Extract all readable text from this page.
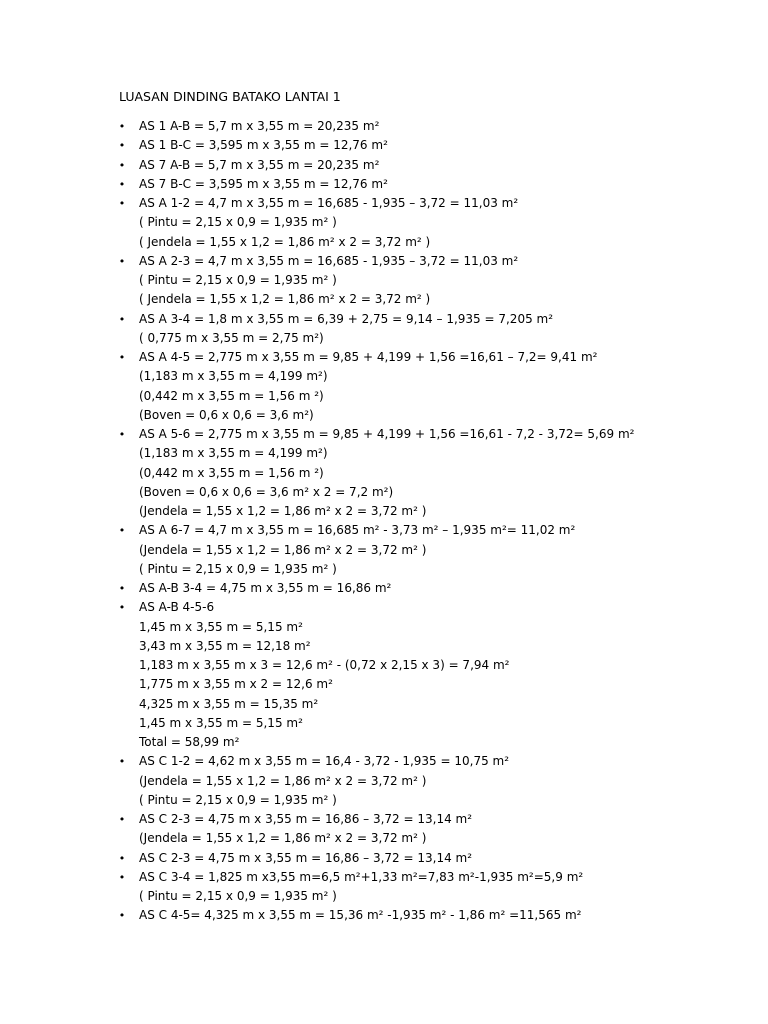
LUASAN DINDING BATAKO LANTAI 1
• AS 1 A-B = 5,7 m x 3,55 m = 20,235 m²
• AS 1 B-C = 3,595 m x 3,55 m = 12,76 m²
• AS 7 A-B = 5,7 m x 3,55 m = 20,235 m²
• AS 7 B-C = 3,595 m x 3,55 m = 12,76 m²
• AS A 1-2 = 4,7 m x 3,55 m = 16,685 - 1,935 – 3,72 = 11,03 m²
( Pintu = 2,15 x 0,9 = 1,935 m² )
( Jendela = 1,55 x 1,2 = 1,86 m² x 2 = 3,72 m² )
• AS A 2-3 = 4,7 m x 3,55 m = 16,685 - 1,935 – 3,72 = 11,03 m²
( Pintu = 2,15 x 0,9 = 1,935 m² )
( Jendela = 1,55 x 1,2 = 1,86 m² x 2 = 3,72 m² )
• AS A 3-4 = 1,8 m x 3,55 m = 6,39 + 2,75 = 9,14 – 1,935 = 7,205 m²
( 0,775 m x 3,55 m = 2,75 m²)
• AS A 4-5 = 2,775 m x 3,55 m = 9,85 + 4,199 + 1,56 =16,61 – 7,2= 9,41 m²
(1,183 m x 3,55 m = 4,199 m²)
(0,442 m x 3,55 m = 1,56 m ²)
(Boven = 0,6 x 0,6 = 3,6 m²)
• AS A 5-6 = 2,775 m x 3,55 m = 9,85 + 4,199 + 1,56 =16,61 - 7,2 - 3,72= 5,69 m²
(1,183 m x 3,55 m = 4,199 m²)
(0,442 m x 3,55 m = 1,56 m ²)
(Boven = 0,6 x 0,6 = 3,6 m² x 2 = 7,2 m²)
(Jendela = 1,55 x 1,2 = 1,86 m² x 2 = 3,72 m² )
• AS A 6-7 = 4,7 m x 3,55 m = 16,685 m² - 3,73 m² – 1,935 m²= 11,02 m²
(Jendela = 1,55 x 1,2 = 1,86 m² x 2 = 3,72 m² )
( Pintu = 2,15 x 0,9 = 1,935 m² )
• AS A-B 3-4 = 4,75 m x 3,55 m = 16,86 m²
• AS A-B 4-5-6
1,45 m x 3,55 m = 5,15 m²
3,43 m x 3,55 m = 12,18 m²
1,183 m x 3,55 m x 3 = 12,6 m² - (0,72 x 2,15 x 3) = 7,94 m²
1,775 m x 3,55 m x 2 = 12,6 m²
4,325 m x 3,55 m = 15,35 m²
1,45 m x 3,55 m = 5,15 m²
Total = 58,99 m²
• AS C 1-2 = 4,62 m x 3,55 m = 16,4 - 3,72 - 1,935 = 10,75 m²
(Jendela = 1,55 x 1,2 = 1,86 m² x 2 = 3,72 m² )
( Pintu = 2,15 x 0,9 = 1,935 m² )
• AS C 2-3 = 4,75 m x 3,55 m = 16,86 – 3,72 = 13,14 m²
(Jendela = 1,55 x 1,2 = 1,86 m² x 2 = 3,72 m² )
• AS C 2-3 = 4,75 m x 3,55 m = 16,86 – 3,72 = 13,14 m²
• AS C 3-4 = 1,825 m x3,55 m=6,5 m²+1,33 m²=7,83 m²-1,935 m²=5,9 m²
( Pintu = 2,15 x 0,9 = 1,935 m² )
• AS C 4-5= 4,325 m x 3,55 m = 15,36 m² -1,935 m² - 1,86 m² =11,565 m²
